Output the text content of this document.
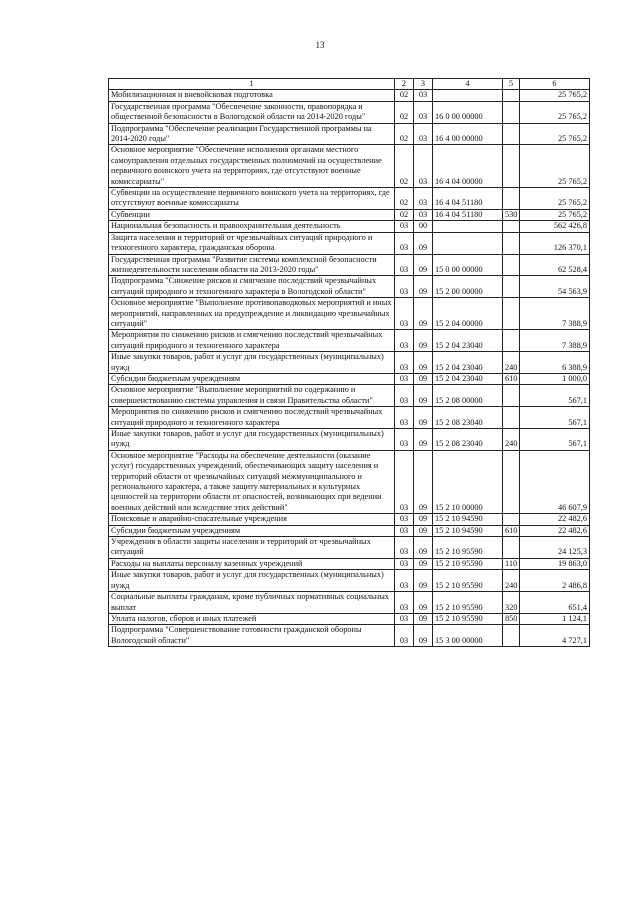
13
1	2	3	4	5	6
Мобилизационная и вневойсковая подготовка	02	03			25 765,2
Государственная программа "Обеспечение законности, правопорядка и общественной безопасности в Вологодской области на 2014-2020 годы"	02	03	16 0 00 00000		25 765,2
Подпрограмма "Обеспечение реализации Государственной программы на 2014-2020 годы"	02	03	16 4 00 00000		25 765,2
Основное мероприятие "Обеспечение исполнения органами местного самоуправления отдельных государственных полномочий на осуществление первичного воинского учета на территориях, где отсутствуют военные комиссариаты"	02	03	16 4 04 00000		25 765,2
Субвенции на осуществление первичного воинского учета на территориях, где отсутствуют военные комиссариаты	02	03	16 4 04 51180		25 765,2
Субвенции	02	03	16 4 04 51180	530	25 765,2
Национальная безопасность и правоохранительная деятельность	03	00			562 426,8
Защита населения и территорий от чрезвычайных ситуаций природного и техногенного характера, гражданская оборона	03	09			126 370,1
Государственная программа "Развитие системы комплексной безопасности жизнедеятельности населения области на 2013-2020 годы"	03	09	15 0 00 00000		62 528,4
Подпрограмма "Снижение рисков и смягчение последствий чрезвычайных ситуаций природного и техногенного характера в Вологодской области"	03	09	15 2 00 00000		54 563,9
Основное мероприятие "Выполнение противопаводковых мероприятий и иных мероприятий, направленных на предупреждение и ликвидацию чрезвычайных ситуаций"	03	09	15 2 04 00000		7 388,9
Мероприятия по снижению рисков и смягчению последствий чрезвычайных ситуаций природного и техногенного характера	03	09	15 2 04 23040		7 388,9
Иные закупки товаров, работ и услуг для государственных (муниципальных) нужд	03	09	15 2 04 23040	240	6 388,9
Субсидии бюджетным учреждениям	03	09	15 2 04 23040	610	1 000,0
Основное мероприятие "Выполнение мероприятий по содержанию и совершенствованию системы управления и связи Правительства области"	03	09	15 2 08 00000		567,1
Мероприятия по снижению рисков и смягчению последствий чрезвычайных ситуаций природного и техногенного характера	03	09	15 2 08 23040		567,1
Иные закупки товаров, работ и услуг для государственных (муниципальных) нужд	03	09	15 2 08 23040	240	567,1
Основное мероприятие "Расходы на обеспечение деятельности (оказание услуг) государственных учреждений, обеспечивающих защиту населения и территорий области от чрезвычайных ситуаций межмуниципального и регионального характера, а также защиту материальных и культурных ценностей на территории области от опасностей, возникающих при ведении военных действий или вследствие этих действий"	03	09	15 2 10 00000		46 607,9
Поисковые и аварийно-спасательные учреждения	03	09	15 2 10 94590		22 482,6
Субсидии бюджетным учреждениям	03	09	15 2 10 94590	610	22 482,6
Учреждения в области защиты населения и территорий от чрезвычайных ситуаций	03	09	15 2 10 95590		24 125,3
Расходы на выплаты персоналу казенных учреждений	03	09	15 2 10 95590	110	19 863,0
Иные закупки товаров, работ и услуг для государственных (муниципальных) нужд	03	09	15 2 10 95590	240	2 486,8
Социальные выплаты гражданам, кроме публичных нормативных социальных выплат	03	09	15 2 10 95590	320	651,4
Уплата налогов, сборов и иных платежей	03	09	15 2 10 95590	850	1 124,1
Подпрограмма "Совершенствование готовности гражданской обороны Вологодской области"	03	09	15 3 00 00000		4 727,1
